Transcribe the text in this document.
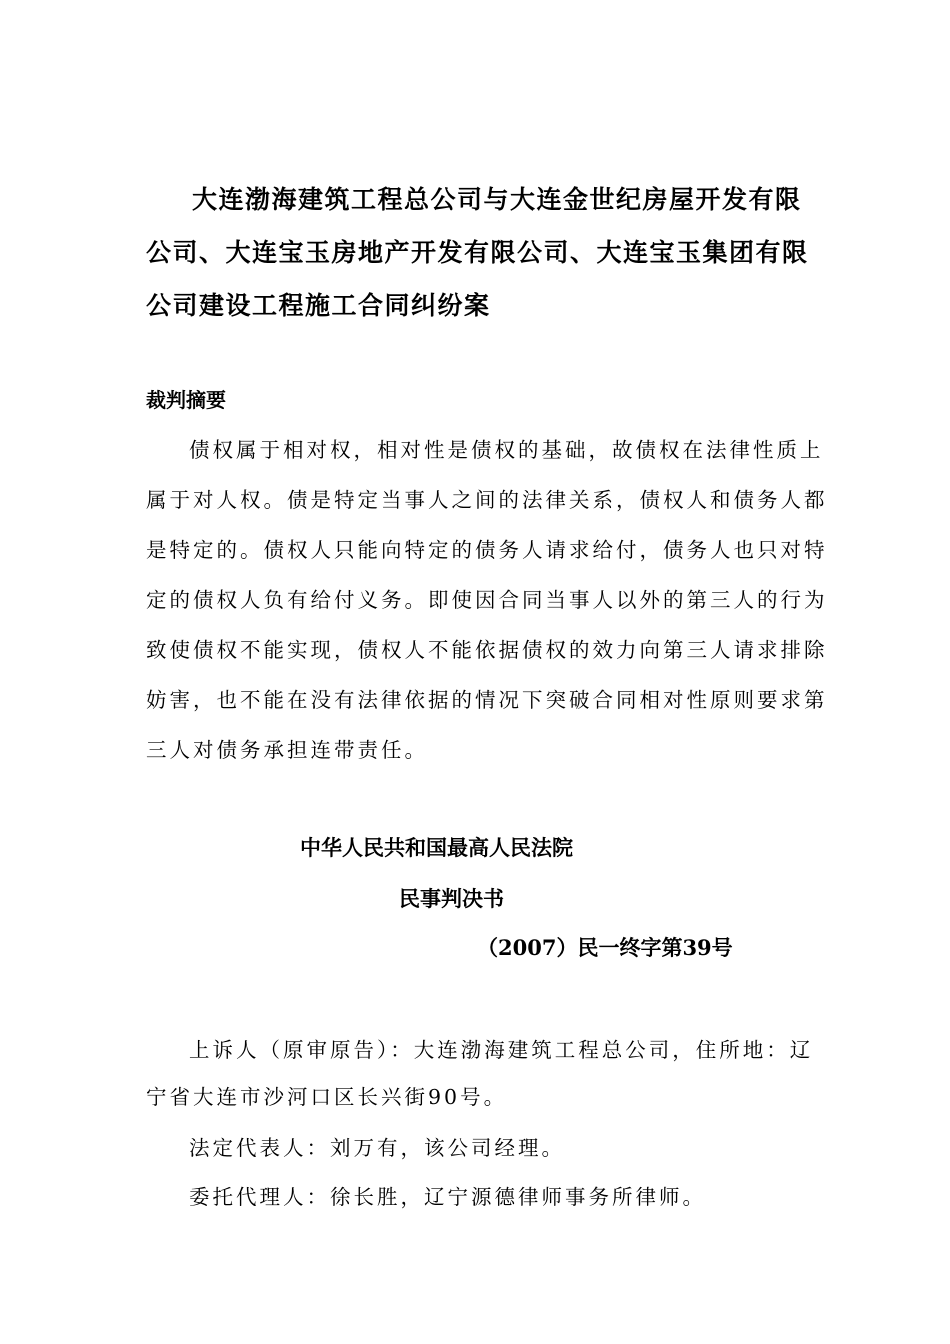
大连渤海建筑工程总公司与大连金世纪房屋开发有限
公司、大连宝玉房地产开发有限公司、大连宝玉集团有限
公司建设工程施工合同纠纷案
裁判摘要
债权属于相对权，相对性是债权的基础，故债权在法律性质上
属于对人权。债是特定当事人之间的法律关系，债权人和债务人都
是特定的。债权人只能向特定的债务人请求给付，债务人也只对特
定的债权人负有给付义务。即使因合同当事人以外的第三人的行为
致使债权不能实现，债权人不能依据债权的效力向第三人请求排除
妨害，也不能在没有法律依据的情况下突破合同相对性原则要求第
三人对债务承担连带责任。
中华人民共和国最高人民法院
民事判决书
（2007）民一终字第39号
上诉人（原审原告）：大连渤海建筑工程总公司，住所地：辽
宁省大连市沙河口区长兴街90号。
法定代表人：刘万有，该公司经理。
委托代理人：徐长胜，辽宁源德律师事务所律师。
